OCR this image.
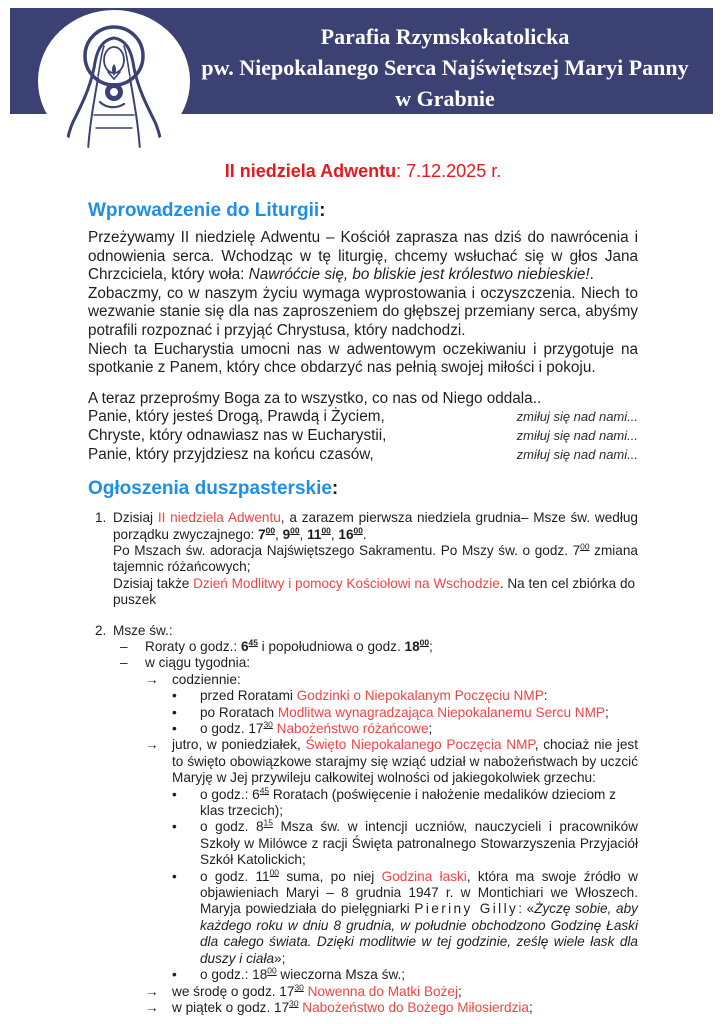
Parafia Rzymskokatolicka
pw. Niepokalanego Serca Najświętszej Maryi Panny
w Grabnie
II niedziela Adwentu: 7.12.2025 r.
Wprowadzenie do Liturgii:

Przeżywamy II niedzielę Adwentu – Kościół zaprasza nas dziś do nawrócenia i odnowienia serca. Wchodząc w tę liturgię, chcemy wsłuchać się w głos Jana Chrzciciela, który woła: Nawróćcie się, bo bliskie jest królestwo niebieskie!.

Zobaczmy, co w naszym życiu wymaga wyprostowania i oczyszczenia. Niech to wezwanie stanie się dla nas zaproszeniem do głębszej przemiany serca, abyśmy potrafili rozpoznać i przyjąć Chrystusa, który nadchodzi.

Niech ta Eucharystia umocni nas w adwentowym oczekiwaniu i przygotuje na spotkanie z Panem, który chce obdarzyć nas pełnią swojej miłości i pokoju.

A teraz przeprośmy Boga za to wszystko, co nas od Niego oddala..

Panie, który jesteś Drogą, Prawdą i Życiem,	zmiłuj się nad nami...
Chryste, który odnawiasz nas w Eucharystii,	zmiłuj się nad nami...
Panie, który przyjdziesz na końcu czasów,	zmiłuj się nad nami...
Ogłoszenia duszpasterskie:
1. Dzisiaj II niedziela Adwentu, a zarazem pierwsza niedziela grudnia– Msze św. według porządku zwyczajnego: $7^{00}$, $9^{00}$, $11^{00}$, $16^{00}$.
Po Mszach św. adoracja Najświętszego Sakramentu. Po Mszy św. o godz. $7^{00}$ zmiana tajemnic różańcowych;
Dzisiaj także Dzień Modlitwy i pomocy Kościołowi na Wschodzie. Na ten cel zbiórka do puszek
2. Msze św.:
– Roraty o godz.: $6^{45}$ i popołudniowa o godz. $18^{00}$;
– w ciągu tygodnia:
→ codziennie:
• przed Roratami Godzinki o Niepokalanym Poczęciu NMP:
• po Roratach Modlitwa wynagradzająca Niepokalanemu Sercu NMP;
• o godz. $17^{30}$ Nabożeństwo różańcowe;
→ jutro, w poniedziałek, Święto Niepokalanego Poczęcia NMP, chociaż nie jest to święto obowiązkowe starajmy się wziąć udział w nabożeństwach by uczcić Maryję w Jej przywileju całkowitej wolności od jakiegokolwiek grzechu:
• o godz.: $6^{45}$ Roratach (poświęcenie i nałożenie medalików dzieciom z klas trzecich);
• o godz. $8^{15}$ Msza św. w intencji uczniów, nauczycieli i pracowników Szkoły w Milówce z racji Święta patronalnego Stowarzyszenia Przyjaciół Szkół Katolickich;
• o godz. $11^{00}$ suma, po niej Godzina łaski, która ma swoje źródło w objawieniach Maryi – 8 grudnia 1947 r. w Montichiari we Włoszech. Maryja powiedziała do pielęgniarki Pieriny Gilly: «Życzę sobie, aby każdego roku w dniu 8 grudnia, w południe obchodzono Godzinę Łaski dla całego świata. Dzięki modlitwie w tej godzinie, ześlę wiele łask dla duszy i ciała»;
• o godz.: $18^{00}$ wieczorna Msza św.;
→ we środę o godz. $17^{30}$ Nowenna do Matki Bożej;
→ w piątek o godz. $17^{30}$ Nabożeństwo do Bożego Miłosierdzia;
